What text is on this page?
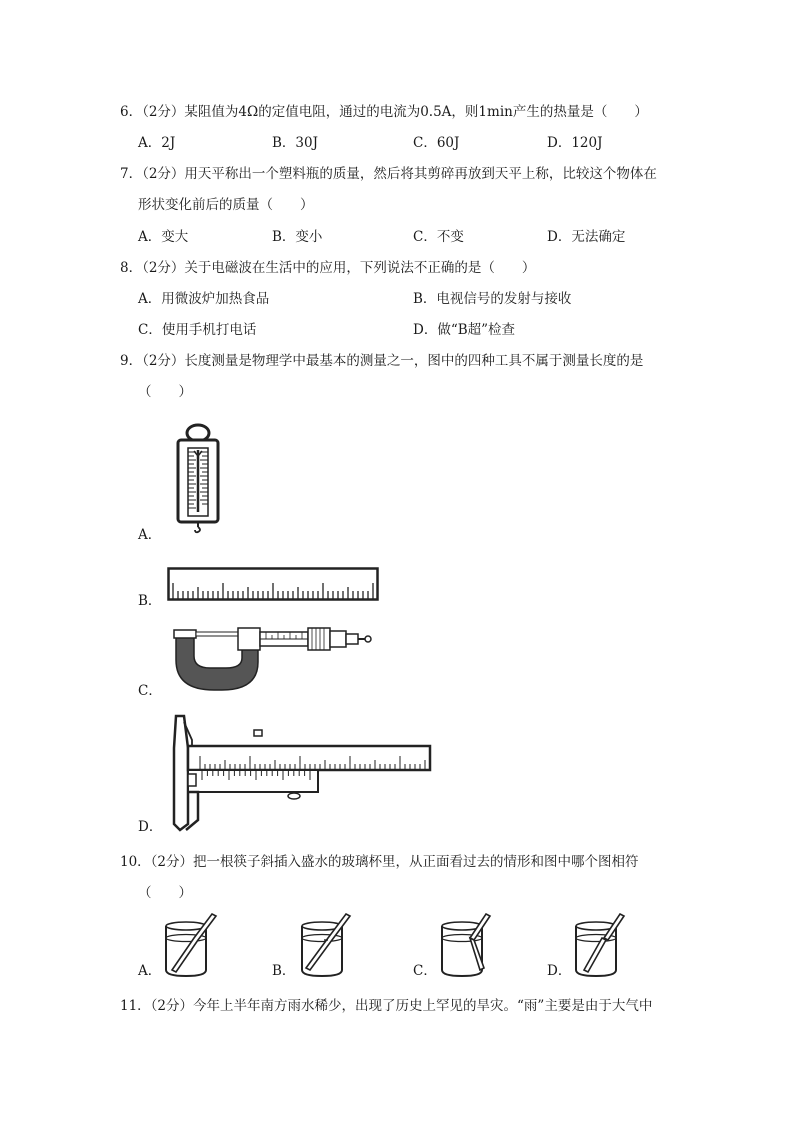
6．（2分）某阻值为4Ω的定值电阻，通过的电流为0.5A，则1min产生的热量是（　　）
A．2J	B．30J	C．60J	D．120J
7．（2分）用天平称出一个塑料瓶的质量，然后将其剪碎再放到天平上称，比较这个物体在
形状变化前后的质量（　　）
A．变大	B．变小	C．不变	D．无法确定
8．（2分）关于电磁波在生活中的应用，下列说法不正确的是（　　）
A．用微波炉加热食品	B．电视信号的发射与接收
C．使用手机打电话	D．做“B超”检查
9．（2分）长度测量是物理学中最基本的测量之一，图中的四种工具不属于测量长度的是
（　　）
A．
B．
C．
D．
10．（2分）把一根筷子斜插入盛水的玻璃杯里，从正面看过去的情形和图中哪个图相符
（　　）
A．	B．	C．	D．
11．（2分）今年上半年南方雨水稀少，出现了历史上罕见的旱灾。“雨”主要是由于大气中
